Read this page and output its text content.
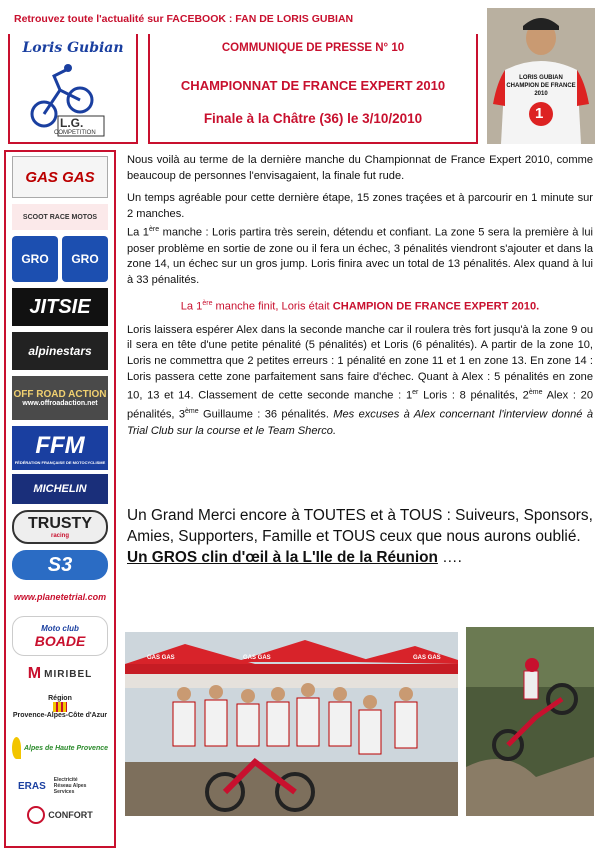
Retrouvez toute l'actualité sur FACEBOOK : FAN DE LORIS GUBIAN
Loris Gubian
L.G.
COMPETITION
COMMUNIQUE DE PRESSE N° 10
CHAMPIONNAT DE FRANCE EXPERT 2010
Finale à la Châtre (36) le 3/10/2010
LORIS GUBIAN
CHAMPION DE FRANCE
2010
1
GAS GAS
SCOOT RACE MOTOS
GRO GRO
JITSIE
alpinestars
OFF ROAD ACTION
www.offroadaction.net
FFM
FÉDÉRATION FRANÇAISE DE MOTOCYCLISME
MICHELIN
TRUSTY
racing
S3
www.planetetrial.com
Moto club
BOADE
M MIRIBEL
Région
Provence-Alpes-Côte d'Azur
Alpes de Haute Provence
ERAS
Electricité Réseau Alpes Services
CONFORT

Nous voilà au terme de la dernière manche du Championnat de France Expert 2010, comme beaucoup de personnes l'envisagaient, la finale fut rude.

Un temps agréable pour cette dernière étape, 15 zones traçées et à parcourir en 1 minute sur 2 manches.
La 1ère manche : Loris partira très serein, détendu et confiant. La zone 5 sera la première à lui poser problème en sortie de zone ou il fera un échec, 3 pénalités viendront s'ajouter et dans la zone 14, un échec sur un gros jump. Loris finira avec un total de 13 pénalités. Alex quand à lui à 33 pénalités.

La 1ère manche finit, Loris était CHAMPION DE FRANCE EXPERT 2010.

Loris laissera espérer Alex dans la seconde manche car il roulera très fort jusqu'à la zone 9 ou il sera en tête d'une petite pénalité (5 pénalités) et Loris (6 pénalités). A partir de la zone 10, Loris ne commettra que 2 petites erreurs : 1 pénalité en zone 11 et 1 en zone 13. En zone 14 : Loris passera cette zone parfaitement sans faire d'échec. Quant à Alex : 5 pénalités en zone 10, 13 et 14. Classement de cette seconde manche : 1er Loris : 8 pénalités, 2ème Alex : 20 pénalités, 3ème Guillaume : 36 pénalités. Mes excuses à Alex concernant l'interview donné à Trial Club sur la course et le Team Sherco.

Un Grand Merci encore à TOUTES et à TOUS : Suiveurs, Sponsors, Amies, Supporters, Famille et TOUS ceux que nous aurons oublié. Un GROS clin d'œil à la L'Ile de la Réunion ….
GAS GAS	GAS GAS	GAS GAS
